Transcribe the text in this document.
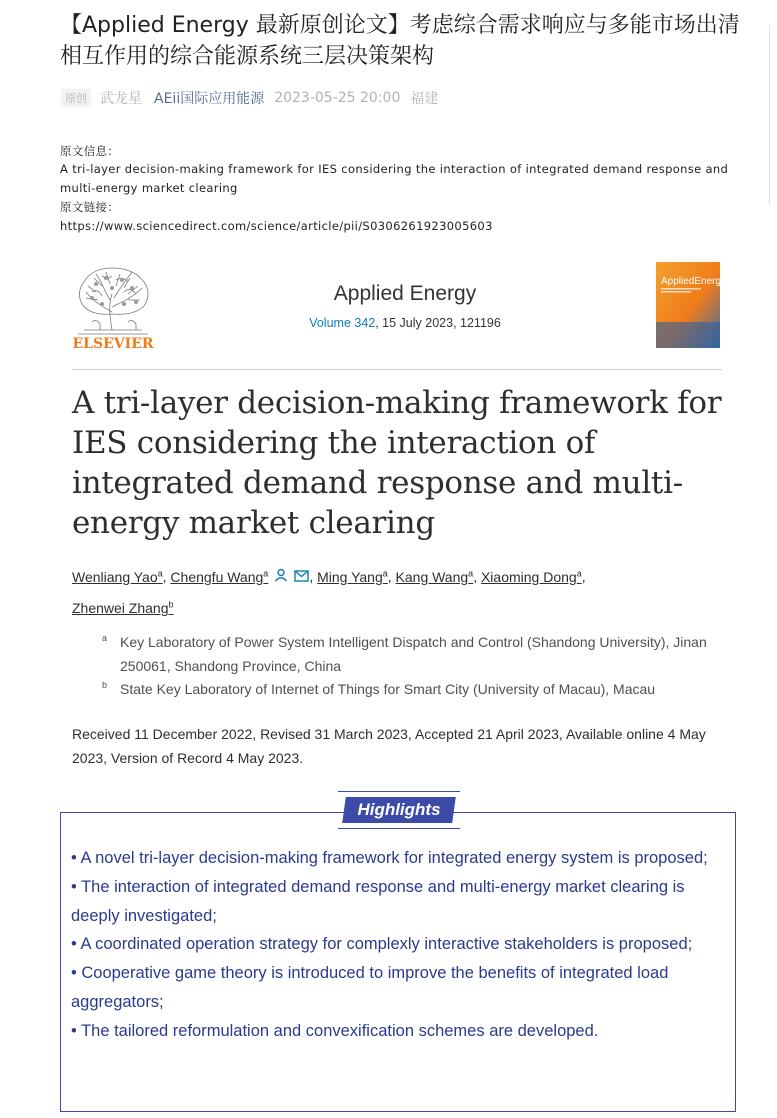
【Applied Energy 最新原创论文】考虑综合需求响应与多能市场出清相互作用的综合能源系统三层决策架构
原创 武龙星 AEii国际应用能源 2023-05-25 20:00 福建
原文信息：
A tri-layer decision-making framework for IES considering the interaction of integrated demand response and multi-energy market clearing
原文链接：
https://www.sciencedirect.com/science/article/pii/S0306261923005603
ELSEVIER
Applied Energy
Volume 342, 15 July 2023, 121196
AppliedEnergy
A tri-layer decision-making framework for IES considering the interaction of integrated demand response and multi-energy market clearing
Wenliang Yao$^a$, Chengfu Wang$^a$	, Ming Yang$^a$, Kang Wang$^a$, Xiaoming Dong$^a$,
Zhenwei Zhang$^b$
a Key Laboratory of Power System Intelligent Dispatch and Control (Shandong University), Jinan 250061, Shandong Province, China
b State Key Laboratory of Internet of Things for Smart City (University of Macau), Macau
Received 11 December 2022, Revised 31 March 2023, Accepted 21 April 2023, Available online 4 May 2023, Version of Record 4 May 2023.
Highlights
• A novel tri-layer decision-making framework for integrated energy system is proposed;
• The interaction of integrated demand response and multi-energy market clearing is deeply investigated;
• A coordinated operation strategy for complexly interactive stakeholders is proposed;
• Cooperative game theory is introduced to improve the benefits of integrated load aggregators;
• The tailored reformulation and convexification schemes are developed.
